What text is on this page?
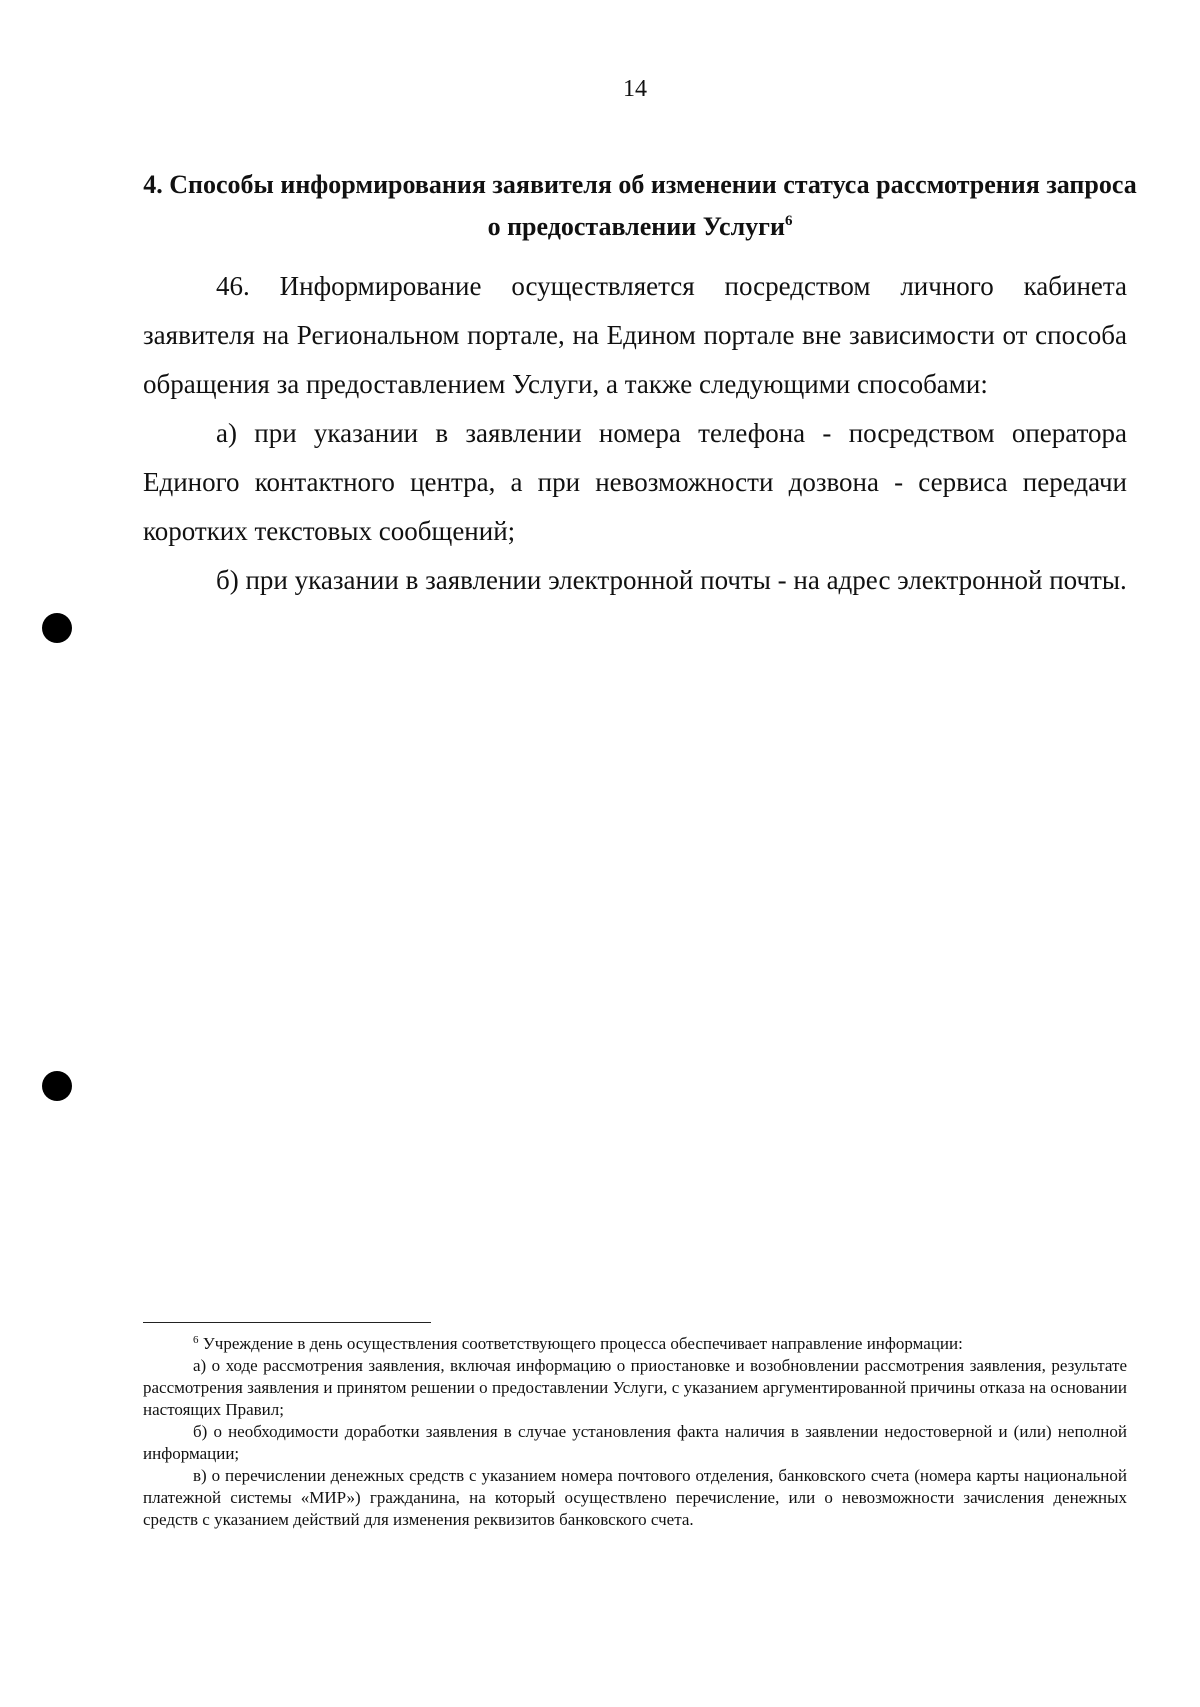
14
4. Способы информирования заявителя об изменении статуса рассмотрения запроса о предоставлении Услуги$^6$

46. Информирование осуществляется посредством личного кабинета заявителя на Региональном портале, на Едином портале вне зависимости от способа обращения за предоставлением Услуги, а также следующими способами:

а) при указании в заявлении номера телефона - посредством оператора Единого контактного центра, а при невозможности дозвона - сервиса передачи коротких текстовых сообщений;

б) при указании в заявлении электронной почты - на адрес электронной почты.

$^6$ Учреждение в день осуществления соответствующего процесса обеспечивает направление информации:

а) о ходе рассмотрения заявления, включая информацию о приостановке и возобновлении рассмотрения заявления, результате рассмотрения заявления и принятом решении о предоставлении Услуги, с указанием аргументированной причины отказа на основании настоящих Правил;

б) о необходимости доработки заявления в случае установления факта наличия в заявлении недостоверной и (или) неполной информации;

в) о перечислении денежных средств с указанием номера почтового отделения, банковского счета (номера карты национальной платежной системы «МИР») гражданина, на который осуществлено перечисление, или о невозможности зачисления денежных средств с указанием действий для изменения реквизитов банковского счета.
